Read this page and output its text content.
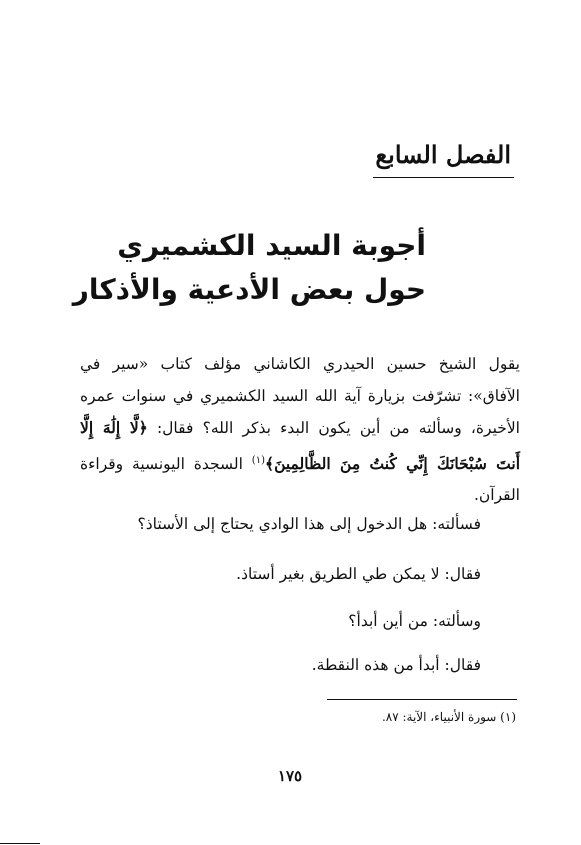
الفصل السابع
أجوبة السيد الكشميري
حول بعض الأدعية والأذكار
يقول الشيخ حسين الحيدري الكاشاني مؤلف كتاب «سير في
الآفاق»: تشرّفت بزيارة آية الله السيد الكشميري في سنوات عمره
الأخيرة، وسألته من أين يكون البدء بذكر الله؟ فقال: ﴿لَّا إِلَٰهَ إِلَّا
أَنتَ سُبْحَانَكَ إِنِّي كُنتُ مِنَ الظَّالِمِينَ﴾$^{(١)}$ السجدة اليونسية وقراءة
القرآن.
فسألته: هل الدخول إلى هذا الوادي يحتاج إلى الأستاذ؟
فقال: لا يمكن طي الطريق بغير أستاذ.
وسألته: من أين أبدأ؟
فقال: أبدأ من هذه النقطة.
(١) سورة الأنبياء، الآية: ٨٧.
١٧٥
